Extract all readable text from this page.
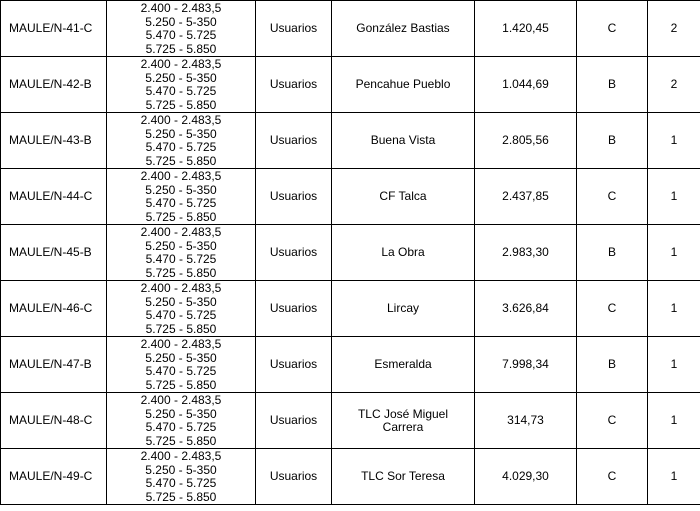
MAULE/N-41-C	2.400 - 2.483,5
5.250 - 5-350
5.470 - 5.725
5.725 - 5.850	Usuarios	González Bastias	1.420,45	C	2
MAULE/N-42-B	2.400 - 2.483,5
5.250 - 5-350
5.470 - 5.725
5.725 - 5.850	Usuarios	Pencahue Pueblo	1.044,69	B	2
MAULE/N-43-B	2.400 - 2.483,5
5.250 - 5-350
5.470 - 5.725
5.725 - 5.850	Usuarios	Buena Vista	2.805,56	B	1
MAULE/N-44-C	2.400 - 2.483,5
5.250 - 5-350
5.470 - 5.725
5.725 - 5.850	Usuarios	CF Talca	2.437,85	C	1
MAULE/N-45-B	2.400 - 2.483,5
5.250 - 5-350
5.470 - 5.725
5.725 - 5.850	Usuarios	La Obra	2.983,30	B	1
MAULE/N-46-C	2.400 - 2.483,5
5.250 - 5-350
5.470 - 5.725
5.725 - 5.850	Usuarios	Lircay	3.626,84	C	1
MAULE/N-47-B	2.400 - 2.483,5
5.250 - 5-350
5.470 - 5.725
5.725 - 5.850	Usuarios	Esmeralda	7.998,34	B	1
MAULE/N-48-C	2.400 - 2.483,5
5.250 - 5-350
5.470 - 5.725
5.725 - 5.850	Usuarios	TLC José Miguel Carrera	314,73	C	1
MAULE/N-49-C	2.400 - 2.483,5
5.250 - 5-350
5.470 - 5.725
5.725 - 5.850	Usuarios	TLC Sor Teresa	4.029,30	C	1
